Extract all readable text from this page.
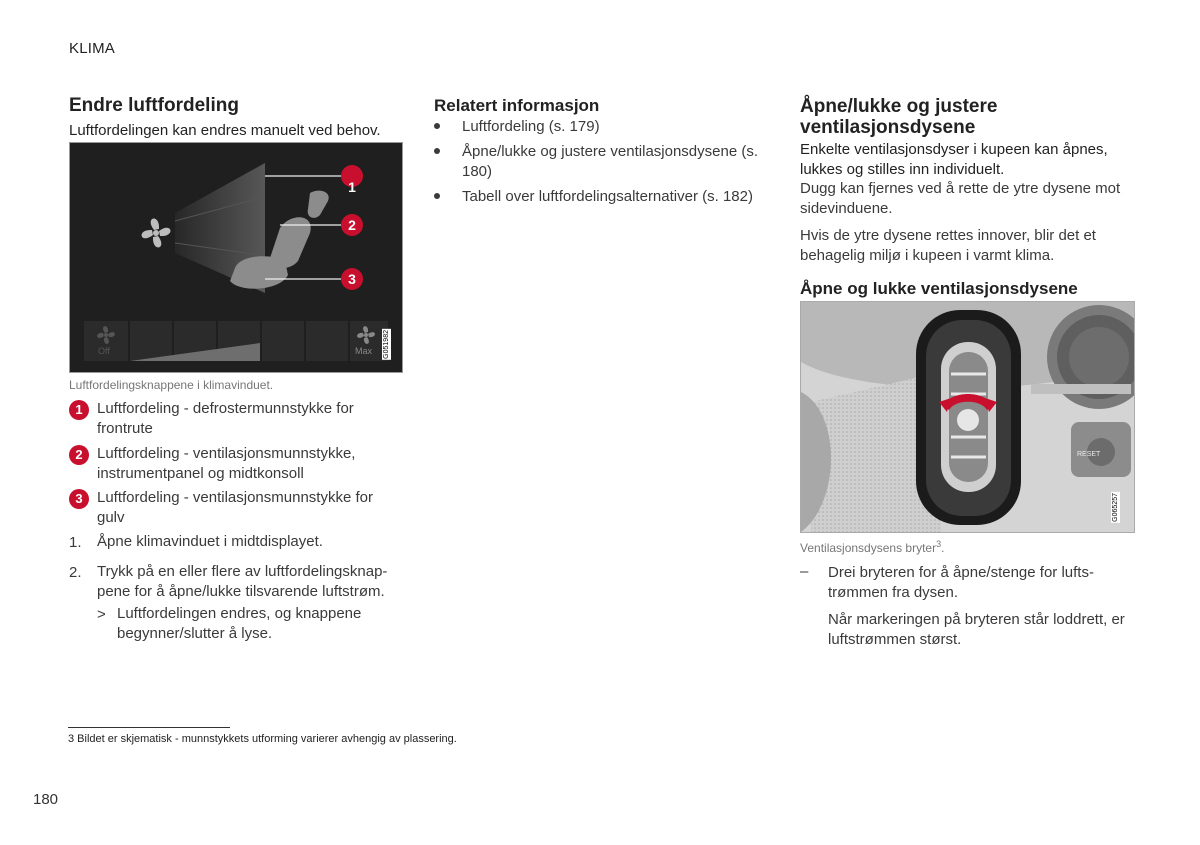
KLIMA
Endre luftfordeling

Luftfordelingen kan endres manuelt ved behov.

1
2
3
Off	Max G051982

Luftfordelingsknappene i klimavinduet.

1 Luftfordeling - defrostermunnstykke for frontrute
2 Luftfordeling - ventilasjonsmunnstykke, instrumentpanel og midtkonsoll
3 Luftfordeling - ventilasjonsmunnstykke for gulv
1. Åpne klimavinduet i midtdisplayet.
2. Trykk på en eller flere av luftfordelingsknap-pene for å åpne/lukke tilsvarende luftstrøm.
> Luftfordelingen endres, og knappene begynner/slutter å lyse.
Relatert informasjon
Luftfordeling (s. 179)
Åpne/lukke og justere ventilasjonsdysene (s. 180)
Tabell over luftfordelingsalternativer (s. 182)
Åpne/lukke og justere ventilasjonsdysene

Enkelte ventilasjonsdyser i kupeen kan åpnes, lukkes og stilles inn individuelt.

Dugg kan fjernes ved å rette de ytre dysene mot sidevinduene.

Hvis de ytre dysene rettes innover, blir det et behagelig miljø i kupeen i varmt klima.

Åpne og lukke ventilasjonsdysene
RESET
G065257

Ventilasjonsdysens bryter$^3$.

– Drei bryteren for å åpne/stenge for lufts-trømmen fra dysen.

Når markeringen på bryteren står loddrett, er luftstrømmen størst.

3 Bildet er skjematisk - munnstykkets utforming varierer avhengig av plassering.

180
